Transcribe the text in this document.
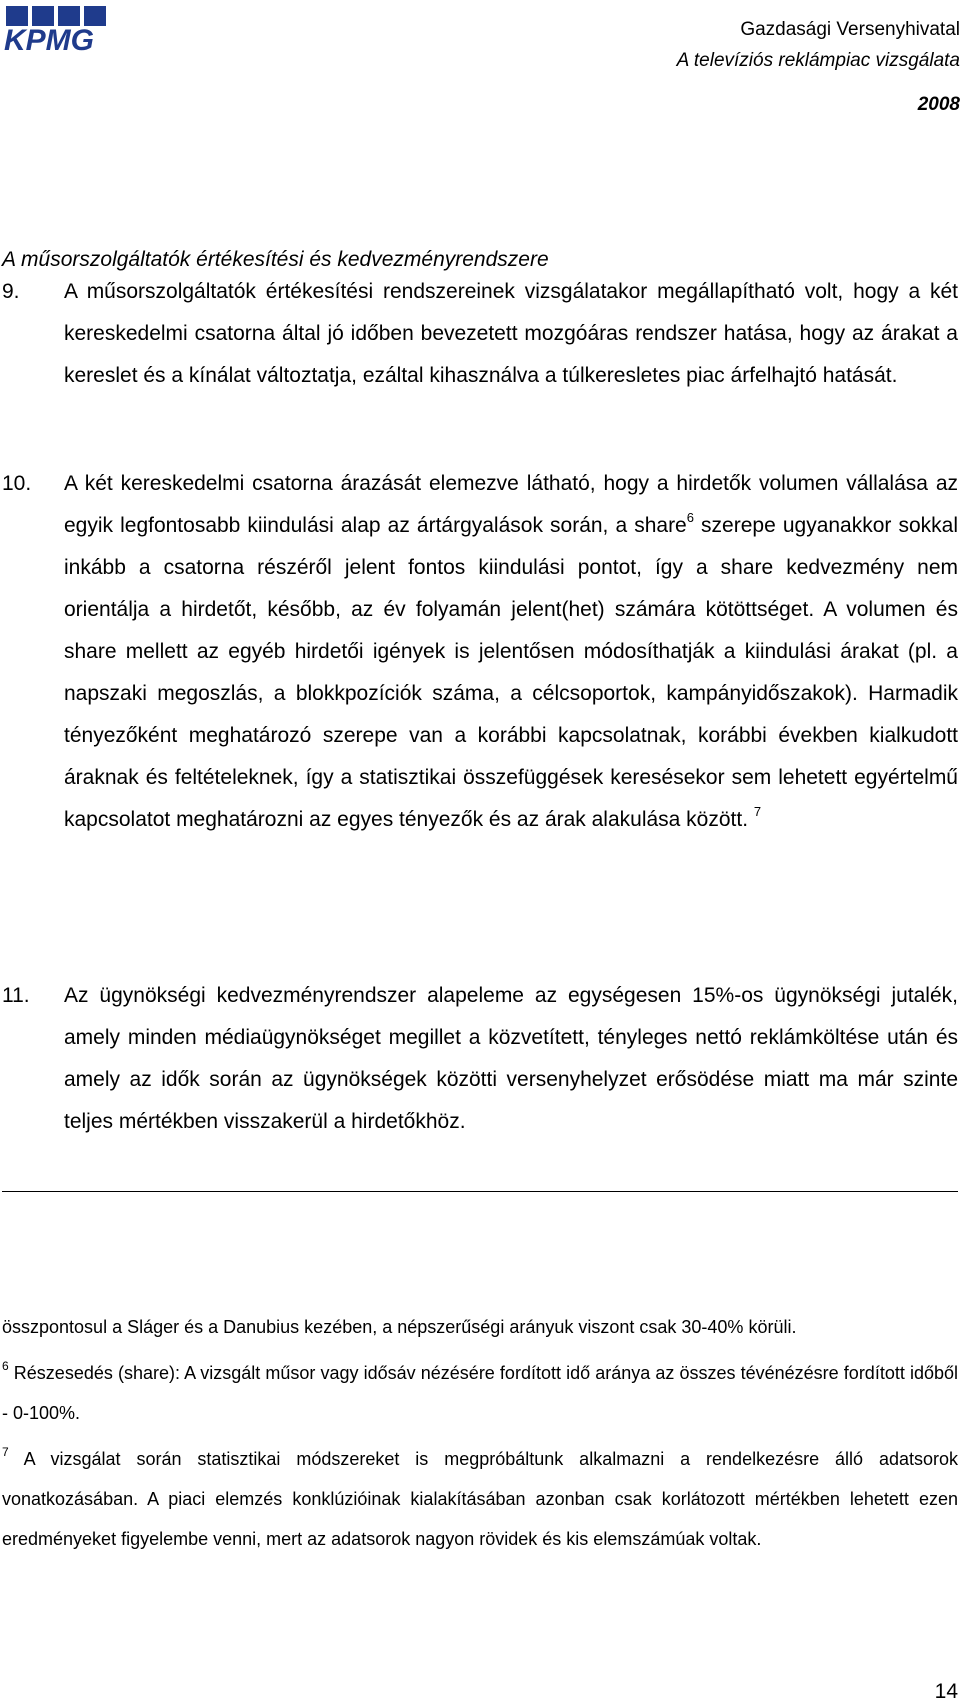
KPMG	Gazdasági Versenyhivatal
A televíziós reklámpiac vizsgálata
2008
A műsorszolgáltatók értékesítési és kedvezményrendszere
9.	A műsorszolgáltatók értékesítési rendszereinek vizsgálatakor megállapítható volt, hogy a két kereskedelmi csatorna által jó időben bevezetett mozgóáras rendszer hatása, hogy az árakat a kereslet és a kínálat változtatja, ezáltal kihasználva a túlkeresletes piac árfelhajtó hatását.
10.	A két kereskedelmi csatorna árazását elemezve látható, hogy a hirdetők volumen vállalása az egyik legfontosabb kiindulási alap az ártárgyalások során, a share$^6$ szerepe ugyanakkor sokkal inkább a csatorna részéről jelent fontos kiindulási pontot, így a share kedvezmény nem orientálja a hirdetőt, később, az év folyamán jelent(het) számára kötöttséget. A volumen és share mellett az egyéb hirdetői igények is jelentősen módosíthatják a kiindulási árakat (pl. a napszaki megoszlás, a blokkpozíciók száma, a célcsoportok, kampányidőszakok). Harmadik tényezőként meghatározó szerepe van a korábbi kapcsolatnak, korábbi években kialkudott áraknak és feltételeknek, így a statisztikai összefüggések keresésekor sem lehetett egyértelmű kapcsolatot meghatározni az egyes tényezők és az árak alakulása között. $^7$
11.	Az ügynökségi kedvezményrendszer alapeleme az egységesen 15%-os ügynökségi jutalék, amely minden médiaügynökséget megillet a közvetített, tényleges nettó reklámköltése után és amely az idők során az ügynökségek közötti versenyhelyzet erősödése miatt ma már szinte teljes mértékben visszakerül a hirdetőkhöz.
összpontosul a Sláger és a Danubius kezében, a népszerűségi arányuk viszont csak 30-40% körüli.
$^6$ Részesedés (share): A vizsgált műsor vagy idősáv nézésére fordított idő aránya az összes tévénézésre fordított időből - 0-100%.
$^7$ A vizsgálat során statisztikai módszereket is megpróbáltunk alkalmazni a rendelkezésre álló adatsorok vonatkozásában. A piaci elemzés konklúzióinak kialakításában azonban csak korlátozott mértékben lehetett ezen eredményeket figyelembe venni, mert az adatsorok nagyon rövidek és kis elemszámúak voltak.
14
